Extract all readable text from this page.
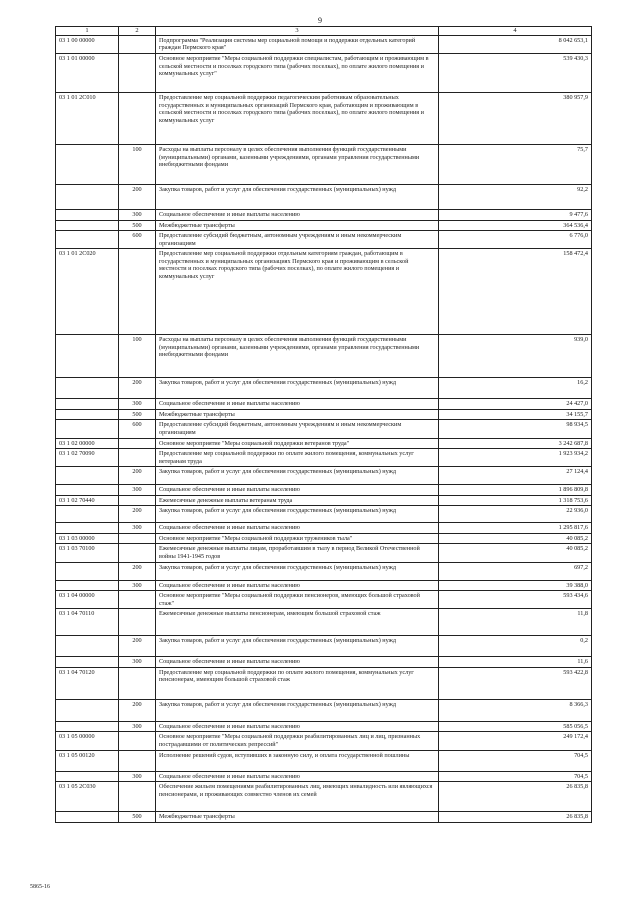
9
1	2	3	4
03 1 00 00000		Подпрограмма "Реализация системы мер социальной помощи и поддержки отдельных категорий граждан Пермского края"	8 042 653,1
03 1 01 00000		Основное мероприятие "Меры социальной поддержки специалистам, работающим и проживающим в сельской местности и поселках городского типа (рабочих поселках), по оплате жилого помещения и коммунальных услуг"	539 430,3
03 1 01 2С010		Предоставление мер социальной поддержки педагогическим работникам образовательных государственных и муниципальных организаций Пермского края, работающим и проживающим в сельской местности и поселках городского типа (рабочих поселках), по оплате жилого помещения и коммунальных услуг	380 957,9
	100	Расходы на выплаты персоналу в целях обеспечения выполнения функций государственными (муниципальными) органами, казенными учреждениями, органами управления государственными внебюджетными фондами	75,7
	200	Закупка товаров, работ и услуг для обеспечения государственных (муниципальных) нужд	92,2
	300	Социальное обеспечение и иные выплаты населению	9 477,6
	500	Межбюджетные трансферты	364 536,4
	600	Предоставление субсидий бюджетным, автономным учреждениям и иным некоммерческим организациям	6 776,0
03 1 01 2С020		Предоставление мер социальной поддержки отдельным категориям граждан, работающим в государственных и муниципальных организациях Пермского края и проживающим в сельской местности и поселках городского типа (рабочих поселках), по оплате жилого помещения и коммунальных услуг	158 472,4
	100	Расходы на выплаты персоналу в целях обеспечения выполнения функций государственными (муниципальными) органами, казенными учреждениями, органами управления государственными внебюджетными фондами	939,0
	200	Закупка товаров, работ и услуг для обеспечения государственных (муниципальных) нужд	16,2
	300	Социальное обеспечение и иные выплаты населению	24 427,0
	500	Межбюджетные трансферты	34 155,7
	600	Предоставление субсидий бюджетным, автономным учреждениям и иным некоммерческим организациям	98 934,5
03 1 02 00000		Основное мероприятие "Меры социальной поддержки ветеранов труда"	3 242 687,8
03 1 02 70090		Предоставление мер социальной поддержки по оплате жилого помещения, коммунальных услуг ветеранам труда	1 923 934,2
	200	Закупка товаров, работ и услуг для обеспечения государственных (муниципальных) нужд	27 124,4
	300	Социальное обеспечение и иные выплаты населению	1 896 809,8
03 1 02 70440		Ежемесячные денежные выплаты ветеранам труда	1 318 753,6
	200	Закупка товаров, работ и услуг для обеспечения государственных (муниципальных) нужд	22 936,0
	300	Социальное обеспечение и иные выплаты населению	1 295 817,6
03 1 03 00000		Основное мероприятие "Меры социальной поддержки тружеников тыла"	40 085,2
03 1 03 70100		Ежемесячные денежные выплаты лицам, проработавшим в тылу в период Великой Отечественной войны 1941-1945 годов	40 085,2
	200	Закупка товаров, работ и услуг для обеспечения государственных (муниципальных) нужд	697,2
	300	Социальное обеспечение и иные выплаты населению	39 388,0
03 1 04 00000		Основное мероприятие "Меры социальной поддержки пенсионеров, имеющих большой страховой стаж"	593 434,6
03 1 04 70110		Ежемесячные денежные выплаты пенсионерам, имеющим большой страховой стаж	11,8
	200	Закупка товаров, работ и услуг для обеспечения государственных (муниципальных) нужд	0,2
	300	Социальное обеспечение и иные выплаты населению	11,6
03 1 04 70120		Предоставление мер социальной поддержки по оплате жилого помещения, коммунальных услуг пенсионерам, имеющим большой страховой стаж	593 422,8
	200	Закупка товаров, работ и услуг для обеспечения государственных (муниципальных) нужд	8 366,3
	300	Социальное обеспечение и иные выплаты населению	585 056,5
03 1 05 00000		Основное мероприятие "Меры социальной поддержки реабилитированных лиц и лиц, признанных пострадавшими от политических репрессий"	249 172,4
03 1 05 00120		Исполнение решений судов, вступивших в законную силу, и оплата государственной пошлины	704,5
	300	Социальное обеспечение и иные выплаты населению	704,5
03 1 05 2С030		Обеспечение жильем помещениями реабилитированных лиц, имеющих инвалидность или являющихся пенсионерами, и проживающих совместно членов их семей	26 835,8
	500	Межбюджетные трансферты	26 835,8
5865-16
